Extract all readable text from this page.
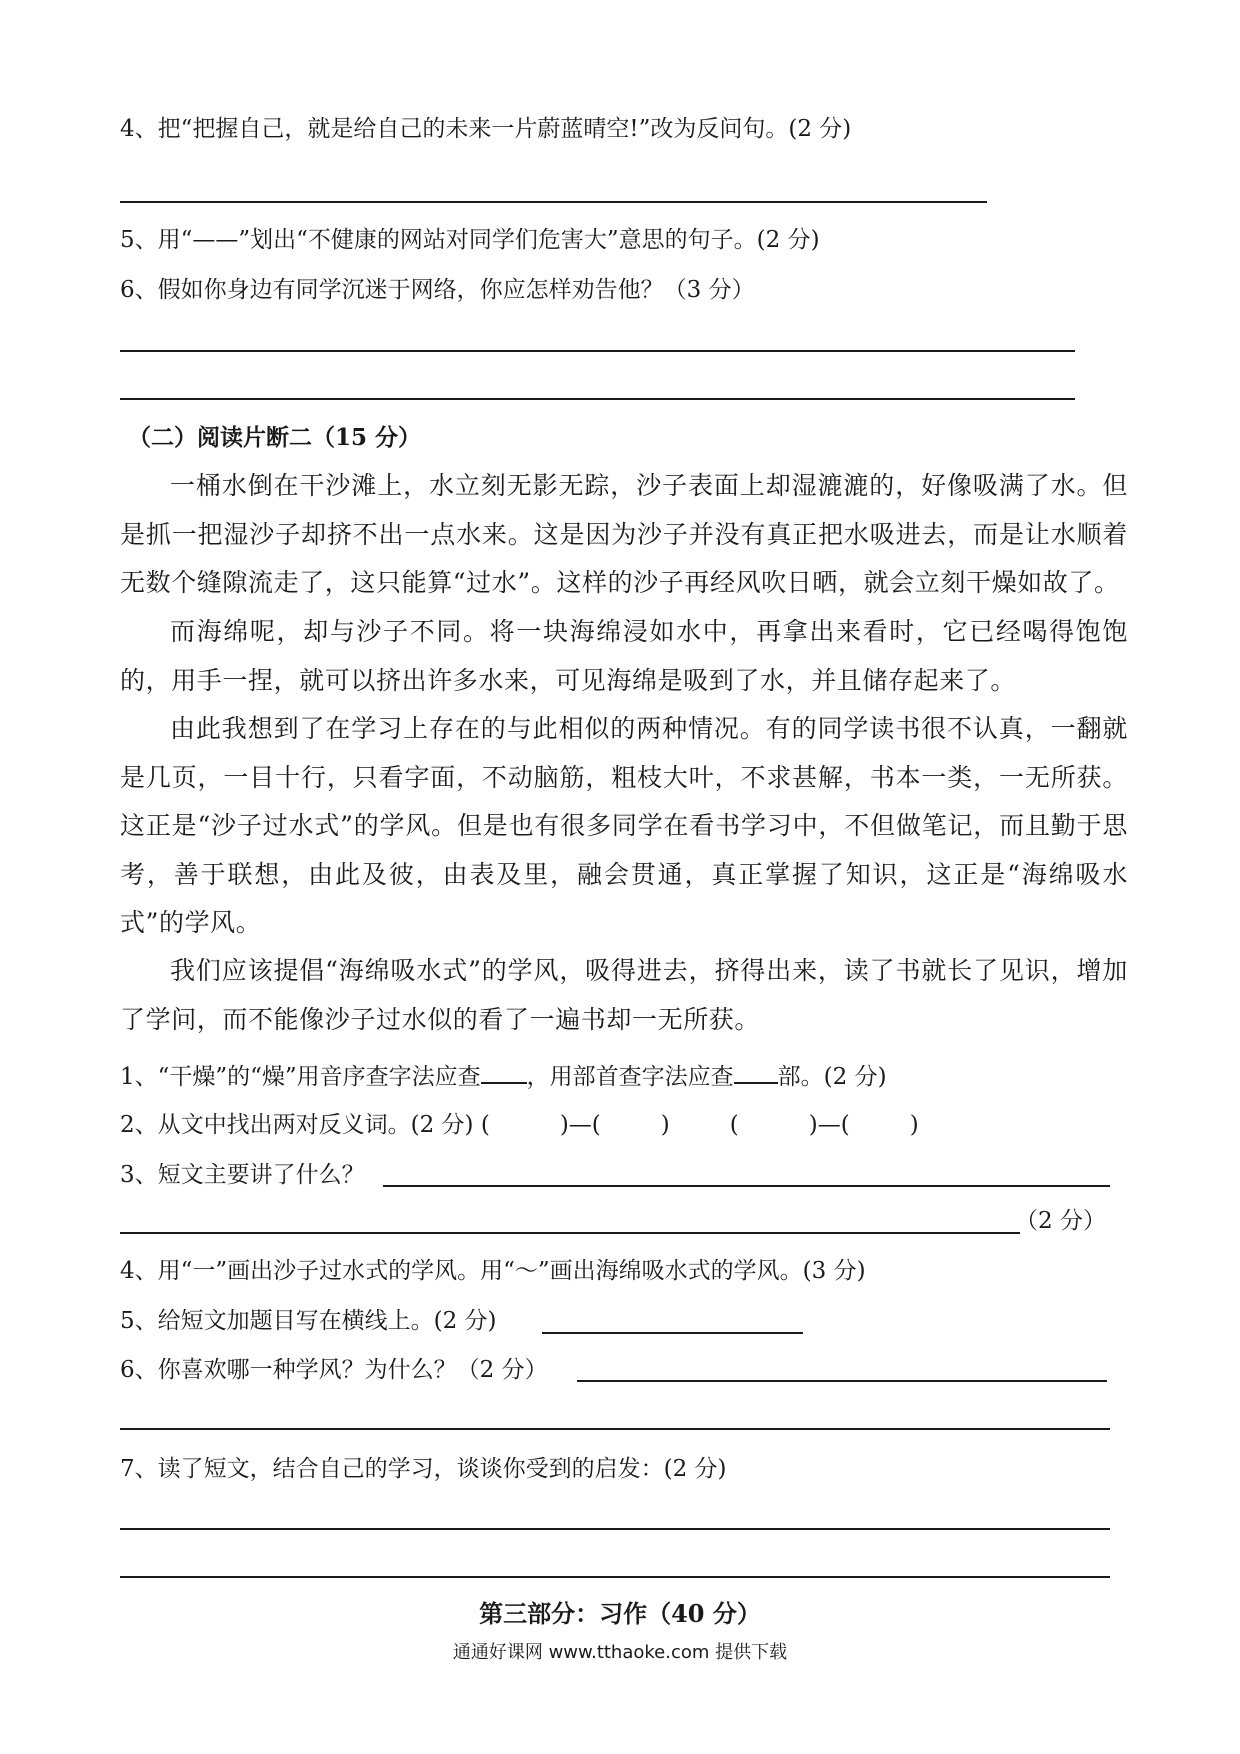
4、把“把握自己，就是给自己的未来一片蔚蓝晴空!”改为反问句。(2 分)
5、用“——”划出“不健康的网站对同学们危害大”意思的句子。(2 分)
6、假如你身边有同学沉迷于网络，你应怎样劝告他？（3 分）
（二）阅读片断二（15 分）

一桶水倒在干沙滩上，水立刻无影无踪，沙子表面上却湿漉漉的，好像吸满了水。但是抓一把湿沙子却挤不出一点水来。这是因为沙子并没有真正把水吸进去，而是让水顺着无数个缝隙流走了，这只能算“过水”。这样的沙子再经风吹日晒，就会立刻干燥如故了。

而海绵呢，却与沙子不同。将一块海绵浸如水中，再拿出来看时，它已经喝得饱饱的，用手一捏，就可以挤出许多水来，可见海绵是吸到了水，并且储存起来了。

由此我想到了在学习上存在的与此相似的两种情况。有的同学读书很不认真，一翻就是几页，一目十行，只看字面，不动脑筋，粗枝大叶，不求甚解，书本一类，一无所获。这正是“沙子过水式”的学风。但是也有很多同学在看书学习中，不但做笔记，而且勤于思考，善于联想，由此及彼，由表及里，融会贯通，真正掌握了知识，这正是“海绵吸水式”的学风。

我们应该提倡“海绵吸水式”的学风，吸得进去，挤得出来，读了书就长了见识，增加了学问，而不能像沙子过水似的看了一遍书却一无所获。

1、“干燥”的“燥”用音序查字法应查 ，用部首查字法应查 部。(2 分)
2、从文中找出两对反义词。(2 分) (	)—(	)	(	)—(	)
3、短文主要讲了什么？
（2 分）
4、用“一”画出沙子过水式的学风。用“～”画出海绵吸水式的学风。(3 分)
5、给短文加题目写在横线上。(2 分)
6、你喜欢哪一种学风？为什么？（2 分）
7、读了短文，结合自己的学习，谈谈你受到的启发：(2 分)
第三部分：习作（40 分）
通通好课网 www.tthaoke.com 提供下载
